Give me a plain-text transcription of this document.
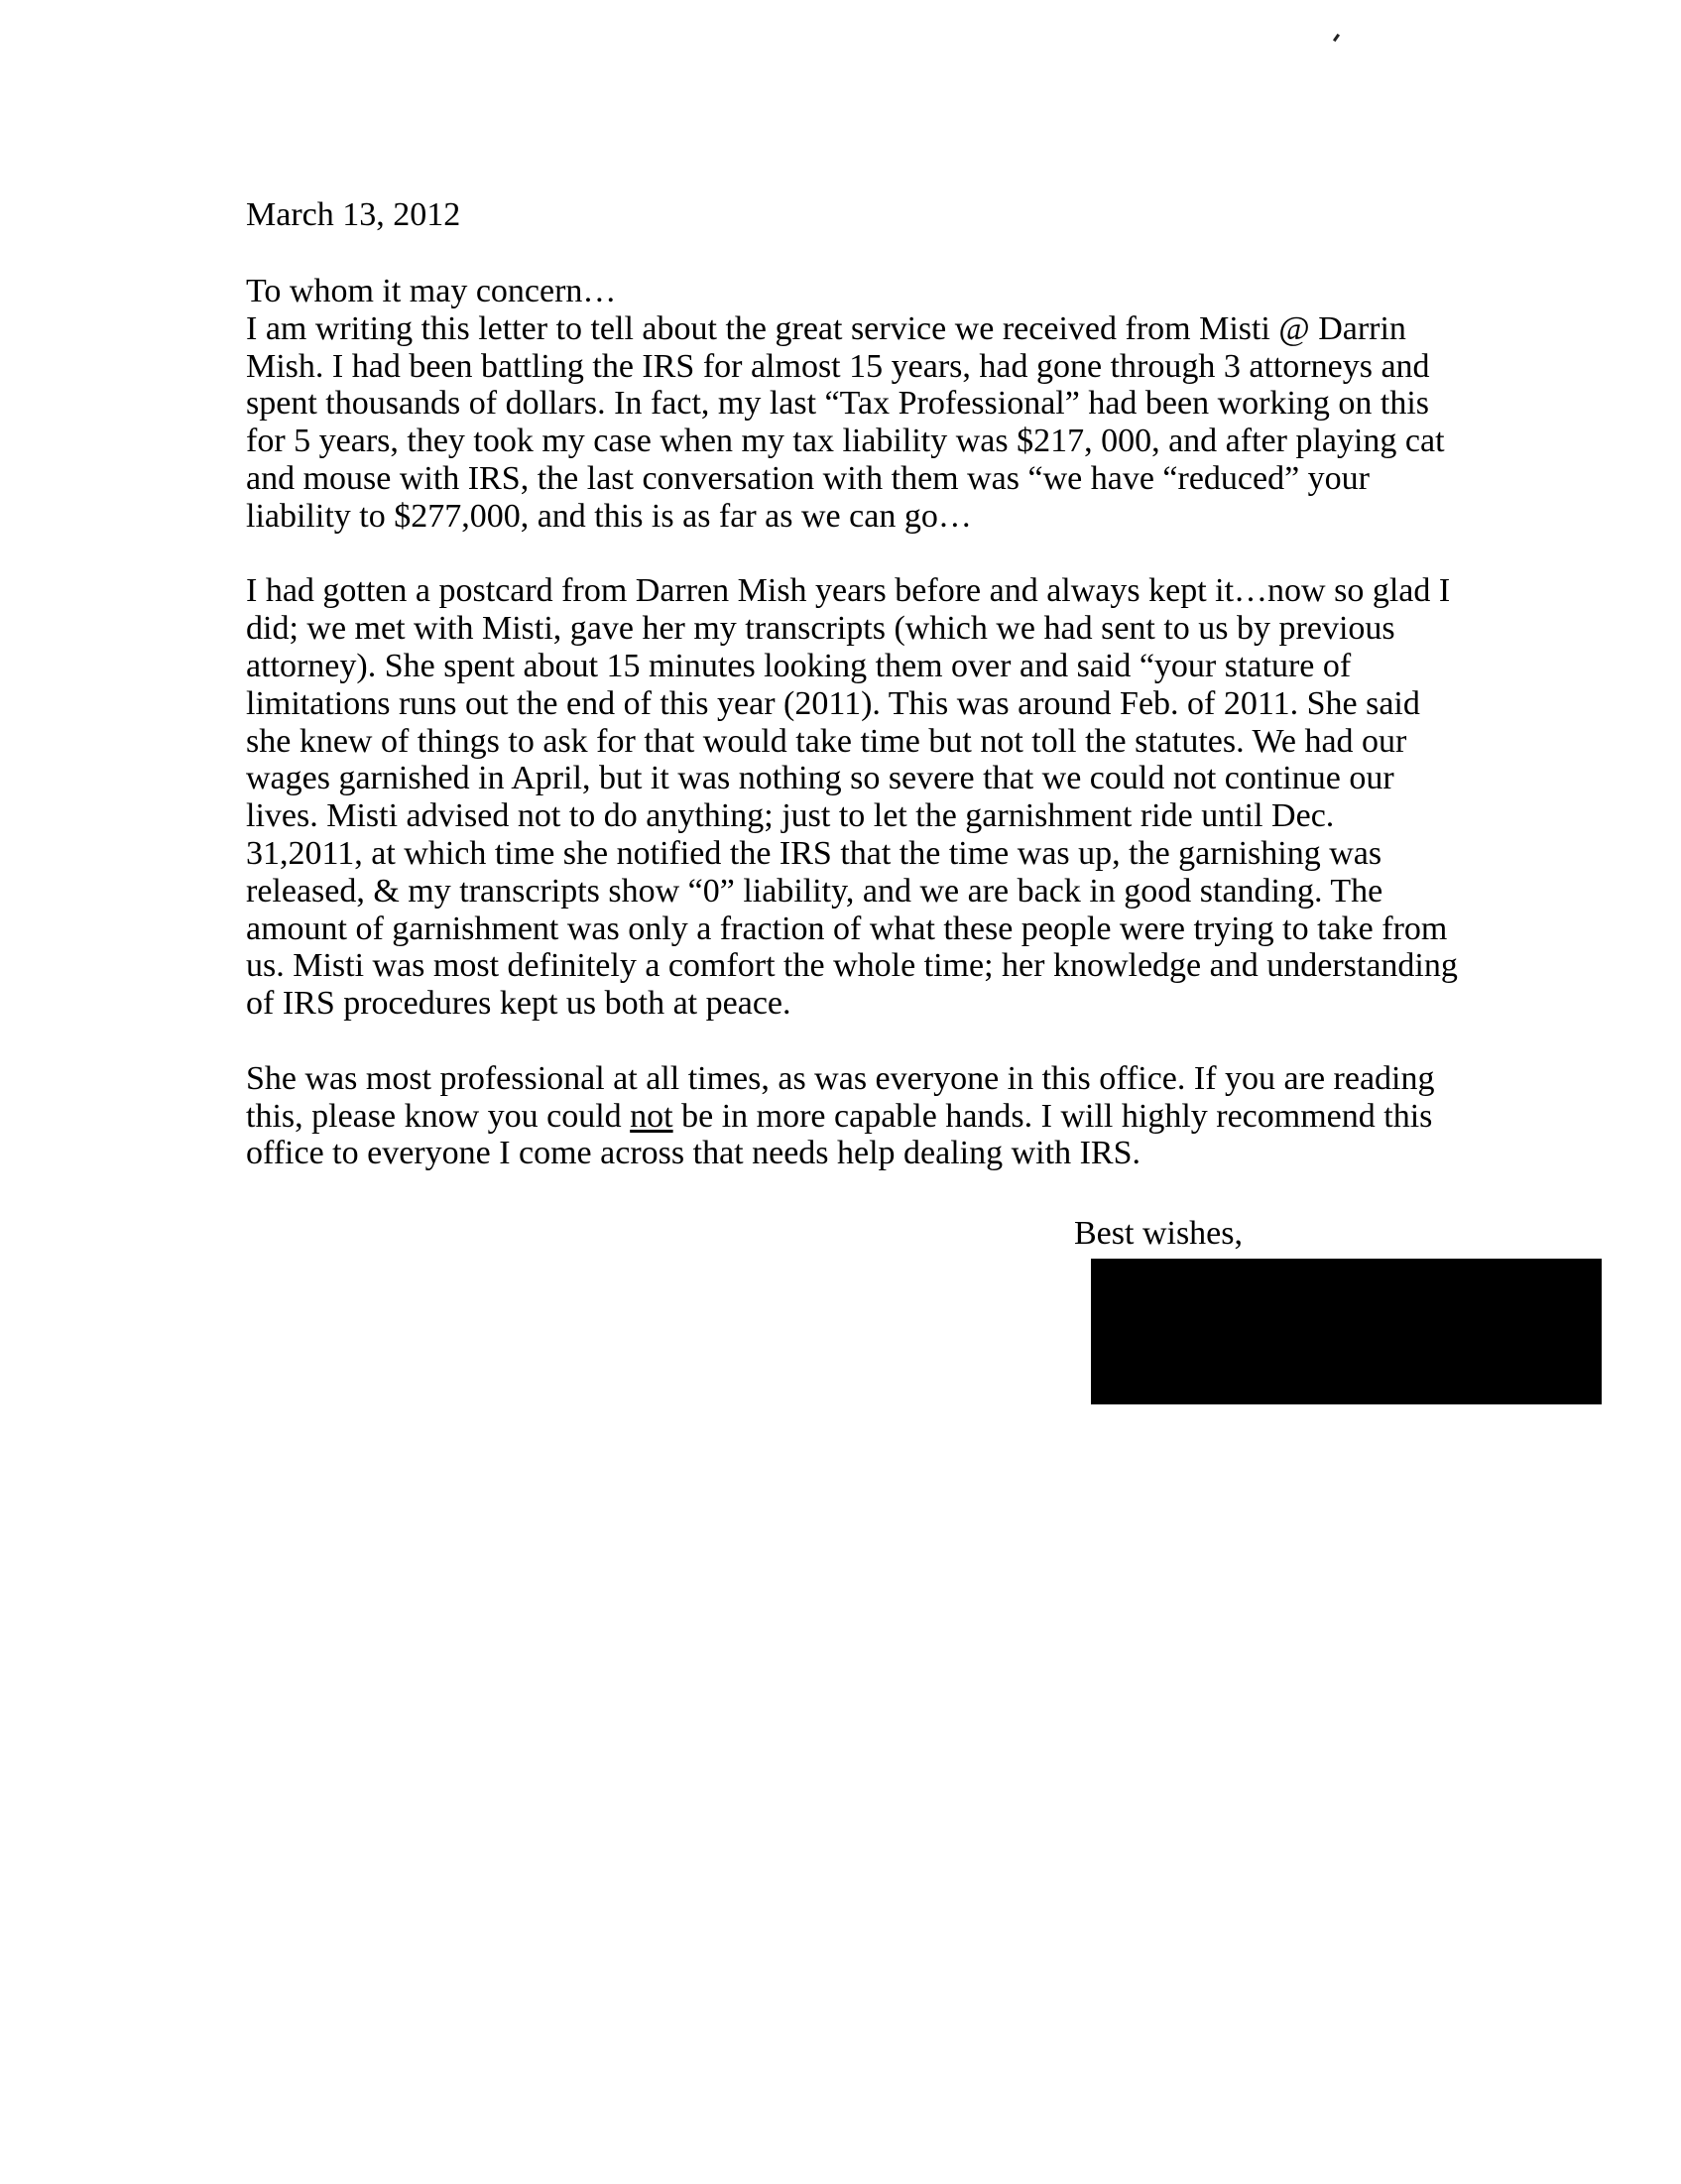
March 13, 2012
To whom it may concern…
I am writing this letter to tell about the great service we received from Misti @ Darrin
Mish. I had been battling the IRS for almost 15 years, had gone through 3 attorneys and
spent thousands of dollars. In fact, my last “Tax Professional” had been working on this
for 5 years, they took my case when my tax liability was $217, 000, and after playing cat
and mouse with IRS, the last conversation with them was “we have “reduced” your
liability to $277,000, and this is as far as we can go…
I had gotten a postcard from Darren Mish years before and always kept it…now so glad I
did; we met with Misti, gave her my transcripts (which we had sent to us by previous
attorney). She spent about 15 minutes looking them over and said “your stature of
limitations runs out the end of this year (2011). This was around Feb. of 2011. She said
she knew of things to ask for that would take time but not toll the statutes. We had our
wages garnished in April, but it was nothing so severe that we could not continue our
lives. Misti advised not to do anything; just to let the garnishment ride until Dec.
31,2011, at which time she notified the IRS that the time was up, the garnishing was
released, & my transcripts show “0” liability, and we are back in good standing. The
amount of garnishment was only a fraction of what these people were trying to take from
us. Misti was most definitely a comfort the whole time; her knowledge and understanding
of IRS procedures kept us both at peace.
She was most professional at all times, as was everyone in this office. If you are reading
this, please know you could not be in more capable hands. I will highly recommend this
office to everyone I come across that needs help dealing with IRS.
Best wishes,
